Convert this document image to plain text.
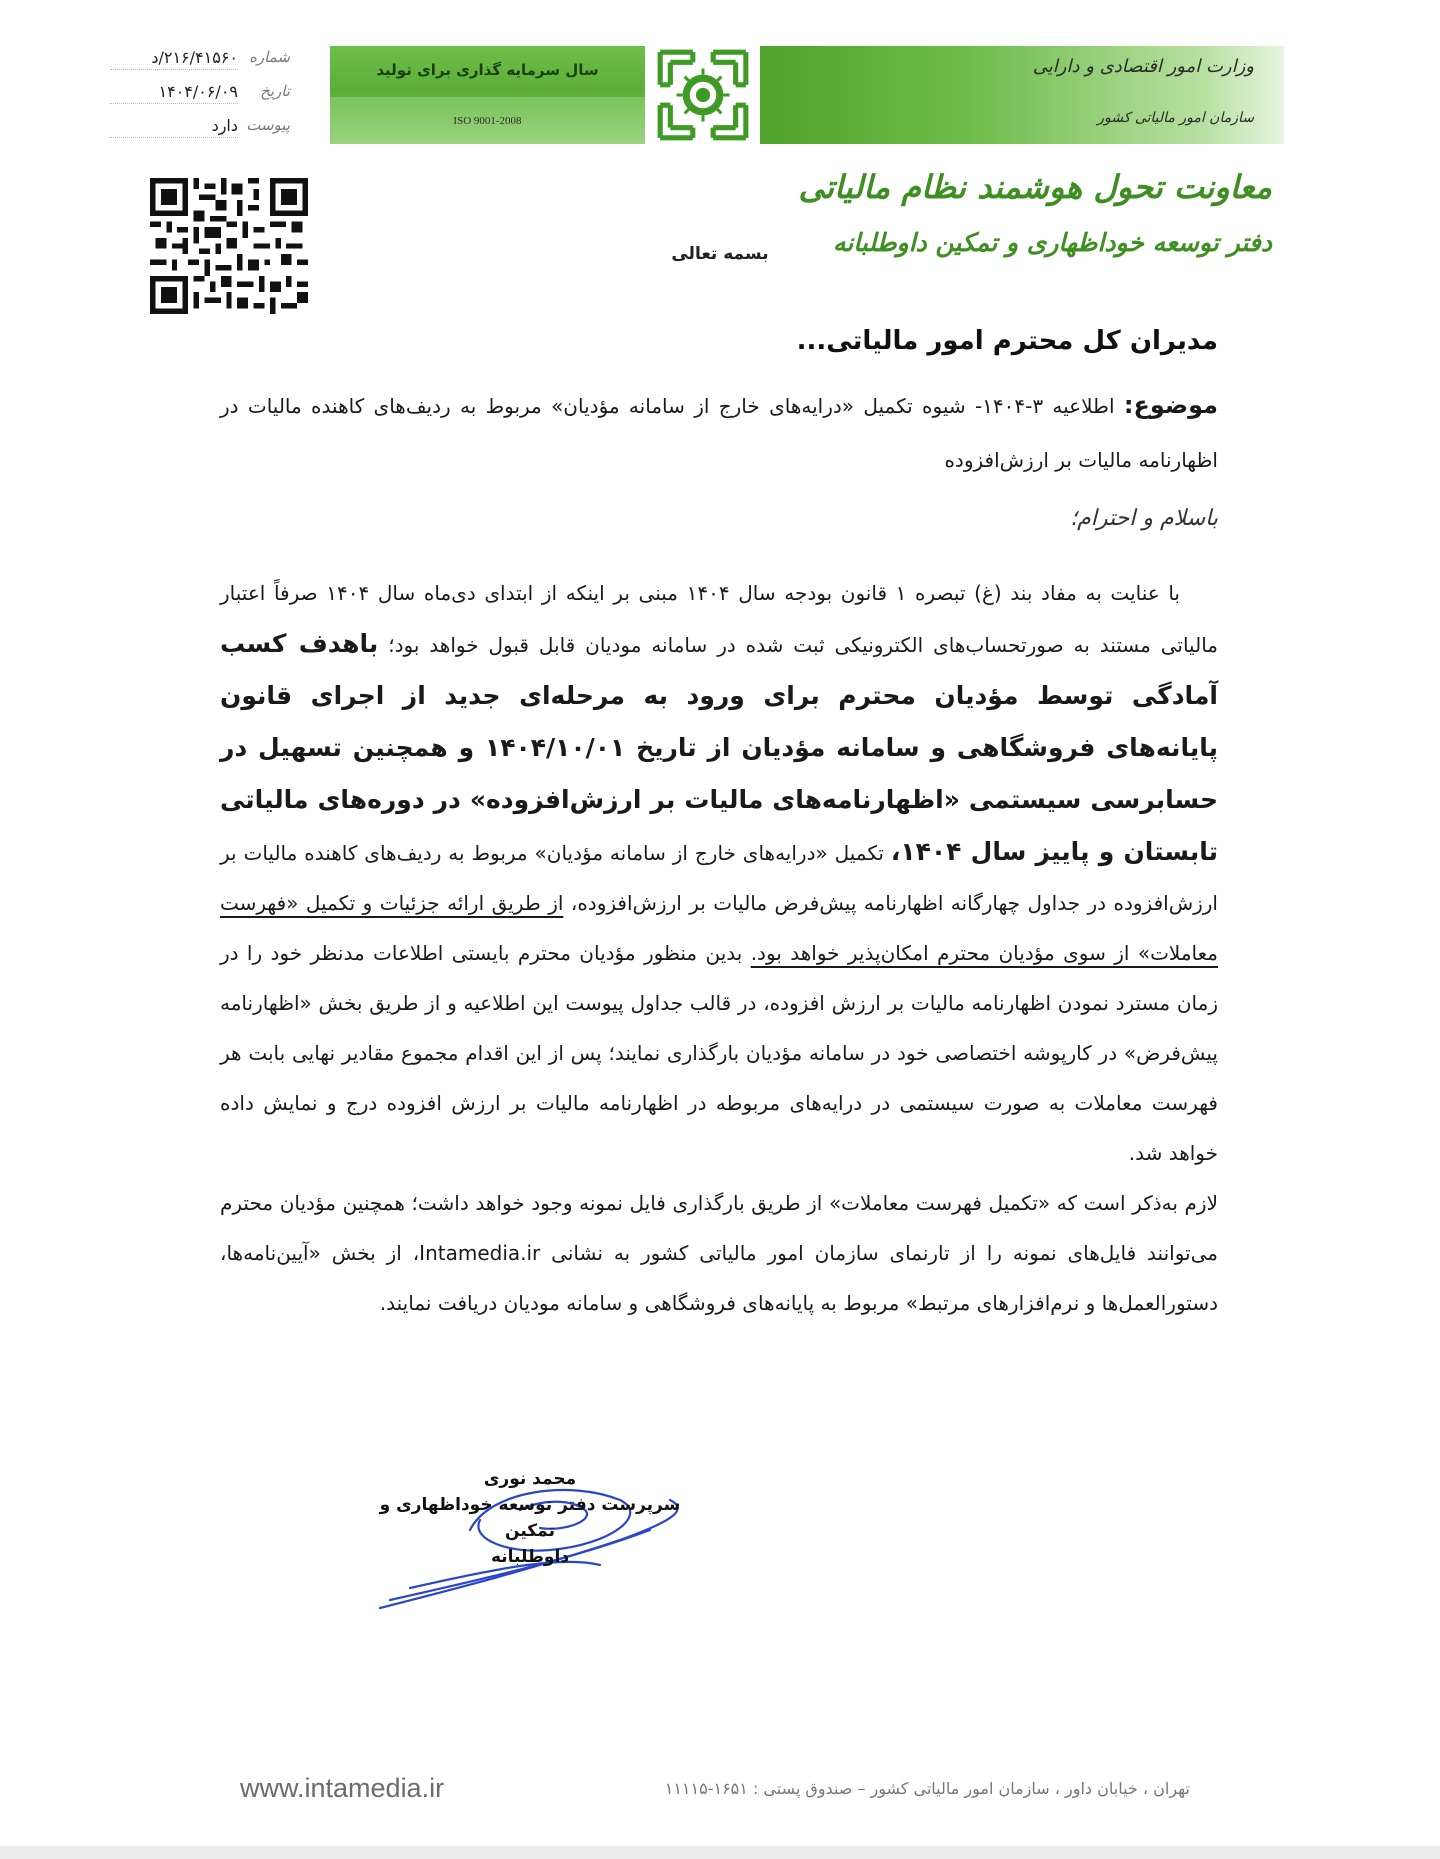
شماره
۲۱۶/۴۱۵۶۰/د
تاریخ
۱۴۰۴/۰۶/۰۹
پیوست
دارد
سال سرمایه گذاری برای تولید
ISO 9001-2008
وزارت امور اقتصادی و دارایی
سازمان امور مالیاتی کشور
معاونت تحول هوشمند نظام مالیاتی
دفتر توسعه خوداظهاری و تمکین داوطلبانه
بسمه تعالی
مدیران کل محترم امور مالیاتی...
موضوع: اطلاعیه ۳-۱۴۰۴- شیوه تکمیل «درایه‌های خارج از سامانه مؤدیان» مربوط به ردیف‌های کاهنده مالیات در اظهارنامه مالیات بر ارزش‌افزوده
باسلام و احترام؛

با عنایت به مفاد بند (غ) تبصره ۱ قانون بودجه سال ۱۴۰۴ مبنی بر اینکه از ابتدای دی‌ماه سال ۱۴۰۴ صرفاً اعتبار مالیاتی مستند به صورتحساب‌های الکترونیکی ثبت شده در سامانه مودیان قابل قبول خواهد بود؛ باهدف کسب آمادگی توسط مؤدیان محترم برای ورود به مرحله‌ای جدید از اجرای قانون پایانه‌های فروشگاهی و سامانه مؤدیان از تاریخ ۱۴۰۴/۱۰/۰۱ و همچنین تسهیل در حسابرسی سیستمی «اظهارنامه‌های مالیات بر ارزش‌افزوده» در دوره‌های مالیاتی تابستان و پاییز سال ۱۴۰۴، تکمیل «درایه‌های خارج از سامانه مؤدیان» مربوط به ردیف‌های کاهنده مالیات بر ارزش‌افزوده در جداول چهارگانه اظهارنامه پیش‌فرض مالیات بر ارزش‌افزوده، از طریق ارائه جزئیات و تکمیل «فهرست معاملات» از سوی مؤدیان محترم امکان‌پذیر خواهد بود. بدین منظور مؤدیان محترم بایستی اطلاعات مدنظر خود را در زمان مسترد نمودن اظهارنامه مالیات بر ارزش افزوده، در قالب جداول پیوست این اطلاعیه و از طریق بخش «اظهارنامه پیش‌فرض» در کارپوشه اختصاصی خود در سامانه مؤدیان بارگذاری نمایند؛ پس از این اقدام مجموع مقادیر نهایی بابت هر فهرست معاملات به صورت سیستمی در درایه‌های مربوطه در اظهارنامه مالیات بر ارزش افزوده درج و نمایش داده خواهد شد.

لازم به‌ذکر است که «تکمیل فهرست معاملات» از طریق بارگذاری فایل نمونه وجود خواهد داشت؛ همچنین مؤدیان محترم می‌توانند فایل‌های نمونه را از تارنمای سازمان امور مالیاتی کشور به نشانی Intamedia.ir، از بخش «آیین‌نامه‌ها، دستورالعمل‌ها و نرم‌افزارهای مرتبط» مربوط به پایانه‌های فروشگاهی و سامانه مودیان دریافت نمایند.

محمد نوری
سرپرست دفتر توسعه خوداظهاری و تمکین
داوطلبانه
www.intamedia.ir	تهران ، خیابان داور ، سازمان امور مالیاتی کشور – صندوق پستی : ۱۶۵۱-۱۱۱۱۵
